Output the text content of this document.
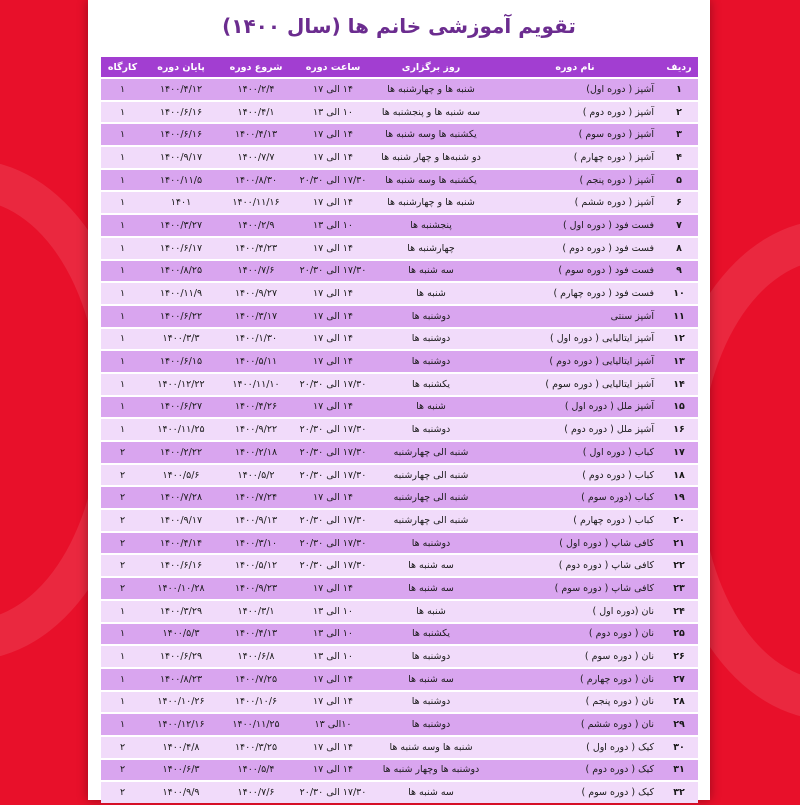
تقویم آموزشی خانم ها (سال ۱۴۰۰)
ردیف	نام دوره	روز برگزاری	ساعت دوره	شروع دوره	پایان دوره	کارگاه
۱	آشپز ( دوره اول)	شنبه ها و چهارشنبه ها	۱۴ الی ۱۷	۱۴۰۰/۲/۴	۱۴۰۰/۴/۱۲	۱
۲	آشپز ( دوره دوم )	سه شنبه ها و پنجشنبه ها	۱۰ الی ۱۳	۱۴۰۰/۴/۱	۱۴۰۰/۶/۱۶	۱
۳	آشپز ( دوره سوم )	یکشنبه ها وسه شنبه ها	۱۴ الی ۱۷	۱۴۰۰/۴/۱۳	۱۴۰۰/۶/۱۶	۱
۴	آشپز ( دوره چهارم )	دو شنبه‌ها و چهار شنبه ها	۱۴ الی ۱۷	۱۴۰۰/۷/۷	۱۴۰۰/۹/۱۷	۱
۵	آشپز ( دوره پنجم )	یکشنبه ها وسه شنبه ها	۱۷/۳۰ الی ۲۰/۳۰	۱۴۰۰/۸/۳۰	۱۴۰۰/۱۱/۵	۱
۶	آشپز ( دوره ششم )	شنبه ها و چهارشنبه ها	۱۴ الی ۱۷	۱۴۰۰/۱۱/۱۶	۱۴۰۱	۱
۷	فست فود ( دوره اول )	پنجشنبه ها	۱۰ الی ۱۳	۱۴۰۰/۲/۹	۱۴۰۰/۳/۲۷	۱
۸	فست فود ( دوره دوم )	چهارشنبه ها	۱۴ الی ۱۷	۱۴۰۰/۴/۲۳	۱۴۰۰/۶/۱۷	۱
۹	فست فود ( دوره سوم )	سه شنبه ها	۱۷/۳۰ الی ۲۰/۳۰	۱۴۰۰/۷/۶	۱۴۰۰/۸/۲۵	۱
۱۰	فست فود ( دوره چهارم )	شنبه ها	۱۴ الی ۱۷	۱۴۰۰/۹/۲۷	۱۴۰۰/۱۱/۹	۱
۱۱	آشپز سنتی	دوشنبه ها	۱۴ الی ۱۷	۱۴۰۰/۳/۱۷	۱۴۰۰/۶/۲۲	۱
۱۲	آشپز ایتالیایی ( دوره اول )	دوشنبه ها	۱۴ الی ۱۷	۱۴۰۰/۱/۳۰	۱۴۰۰/۳/۳	۱
۱۳	آشپز ایتالیایی ( دوره دوم )	دوشنبه ها	۱۴ الی ۱۷	۱۴۰۰/۵/۱۱	۱۴۰۰/۶/۱۵	۱
۱۴	آشپز ایتالیایی ( دوره سوم )	یکشنبه ها	۱۷/۳۰ الی ۲۰/۳۰	۱۴۰۰/۱۱/۱۰	۱۴۰۰/۱۲/۲۲	۱
۱۵	آشپز ملل ( دوره اول )	شنبه ها	۱۴ الی ۱۷	۱۴۰۰/۴/۲۶	۱۴۰۰/۶/۲۷	۱
۱۶	آشپز ملل ( دوره دوم )	دوشنبه ها	۱۷/۳۰ الی ۲۰/۳۰	۱۴۰۰/۹/۲۲	۱۴۰۰/۱۱/۲۵	۱
۱۷	کباب ( دوره اول )	شنبه الی چهارشنبه	۱۷/۳۰ الی ۲۰/۳۰	۱۴۰۰/۲/۱۸	۱۴۰۰/۲/۲۲	۲
۱۸	کباب ( دوره دوم )	شنبه الی چهارشنبه	۱۷/۳۰ الی ۲۰/۳۰	۱۴۰۰/۵/۲	۱۴۰۰/۵/۶	۲
۱۹	کباب (دوره سوم )	شنبه الی چهارشنبه	۱۴ الی ۱۷	۱۴۰۰/۷/۲۴	۱۴۰۰/۷/۲۸	۲
۲۰	کباب ( دوره چهارم )	شنبه الی چهارشنبه	۱۷/۳۰ الی ۲۰/۳۰	۱۴۰۰/۹/۱۳	۱۴۰۰/۹/۱۷	۲
۲۱	کافی شاپ ( دوره اول )	دوشنبه ها	۱۷/۳۰ الی ۲۰/۳۰	۱۴۰۰/۳/۱۰	۱۴۰۰/۴/۱۴	۲
۲۲	کافی شاپ ( دوره دوم )	سه شنبه ها	۱۷/۳۰ الی ۲۰/۳۰	۱۴۰۰/۵/۱۲	۱۴۰۰/۶/۱۶	۲
۲۳	کافی شاپ ( دوره سوم )	سه شنبه ها	۱۴ الی ۱۷	۱۴۰۰/۹/۲۳	۱۴۰۰/۱۰/۲۸	۲
۲۴	نان (دوره اول )	شنبه ها	۱۰ الی ۱۳	۱۴۰۰/۳/۱	۱۴۰۰/۳/۲۹	۱
۲۵	نان ( دوره دوم )	یکشنبه ها	۱۰ الی ۱۳	۱۴۰۰/۴/۱۳	۱۴۰۰/۵/۳	۱
۲۶	نان ( دوره سوم )	دوشنبه ها	۱۰ الی ۱۳	۱۴۰۰/۶/۸	۱۴۰۰/۶/۲۹	۱
۲۷	نان ( دوره چهارم )	سه شنبه ها	۱۴ الی ۱۷	۱۴۰۰/۷/۲۵	۱۴۰۰/۸/۲۳	۱
۲۸	نان ( دوره پنجم )	دوشنبه ها	۱۴ الی ۱۷	۱۴۰۰/۱۰/۶	۱۴۰۰/۱۰/۲۶	۱
۲۹	نان ( دوره ششم )	دوشنبه ها	۱۰الی ۱۳	۱۴۰۰/۱۱/۲۵	۱۴۰۰/۱۲/۱۶	۱
۳۰	کیک ( دوره اول )	شنبه ها وسه شنبه ها	۱۴ الی ۱۷	۱۴۰۰/۳/۲۵	۱۴۰۰/۴/۸	۲
۳۱	کیک ( دوره دوم )	دوشنبه ها وچهار شنبه ها	۱۴ الی ۱۷	۱۴۰۰/۵/۴	۱۴۰۰/۶/۳	۲
۳۲	کیک ( دوره سوم )	سه شنبه ها	۱۷/۳۰ الی ۲۰/۳۰	۱۴۰۰/۷/۶	۱۴۰۰/۹/۹	۲
